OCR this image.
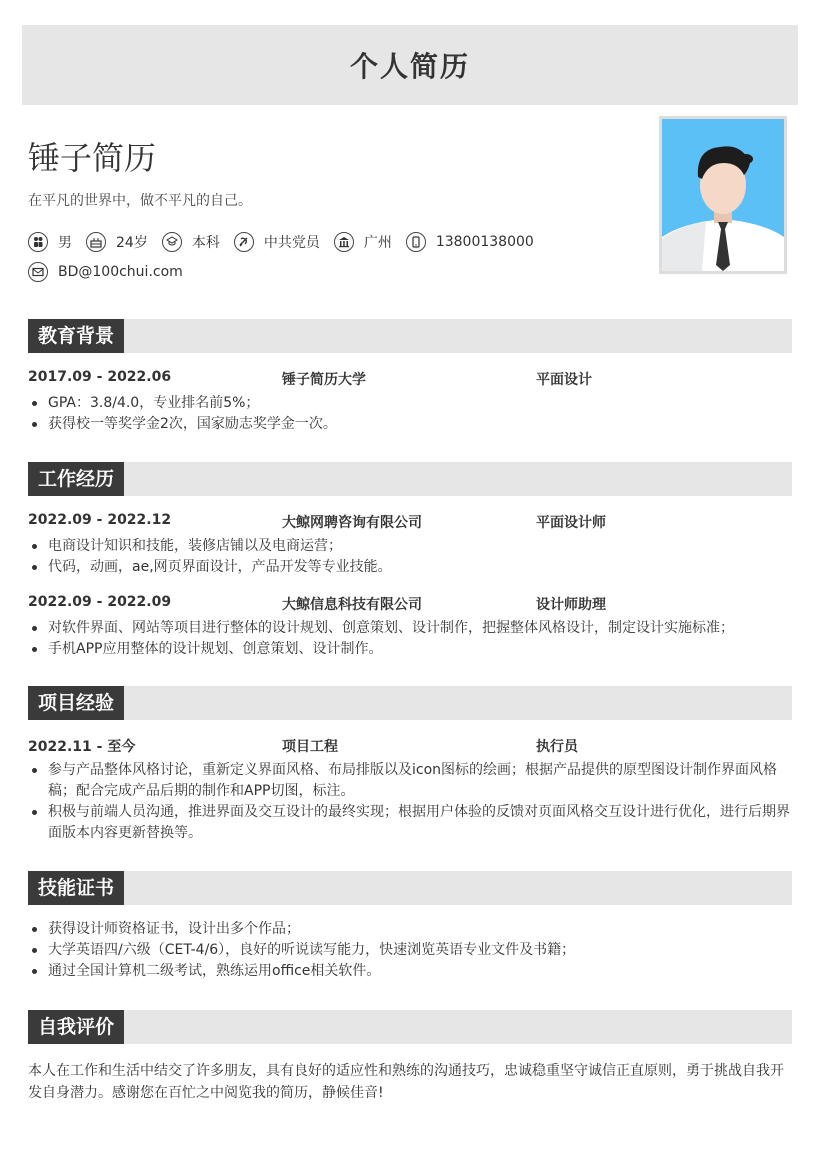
个人简历
锤子简历
在平凡的世界中，做不平凡的自己。
男	24岁	本科	中共党员	广州	13800138000
BD@100chui.com
教育背景
2017.09 - 2022.06	锤子简历大学	平面设计
GPA：3.8/4.0，专业排名前5%；
获得校一等奖学金2次，国家励志奖学金一次。
工作经历
2022.09 - 2022.12	大鲸网聘咨询有限公司	平面设计师
电商设计知识和技能，装修店铺以及电商运营；
代码，动画，ae,网页界面设计，产品开发等专业技能。
2022.09 - 2022.09	大鲸信息科技有限公司	设计师助理
对软件界面、网站等项目进行整体的设计规划、创意策划、设计制作，把握整体风格设计，制定设计实施标准；
手机APP应用整体的设计规划、创意策划、设计制作。
项目经验
2022.11 - 至今	项目工程	执行员
参与产品整体风格讨论，重新定义界面风格、布局排版以及icon图标的绘画；根据产品提供的原型图设计制作界面风格稿；配合完成产品后期的制作和APP切图，标注。
积极与前端人员沟通，推进界面及交互设计的最终实现；根据用户体验的反馈对页面风格交互设计进行优化，进行后期界面版本内容更新替换等。
技能证书
获得设计师资格证书，设计出多个作品；
大学英语四/六级（CET-4/6），良好的听说读写能力，快速浏览英语专业文件及书籍；
通过全国计算机二级考试，熟练运用office相关软件。
自我评价

本人在工作和生活中结交了许多朋友，具有良好的适应性和熟练的沟通技巧，忠诚稳重坚守诚信正直原则，勇于挑战自我开发自身潜力。感谢您在百忙之中阅览我的简历，静候佳音!
